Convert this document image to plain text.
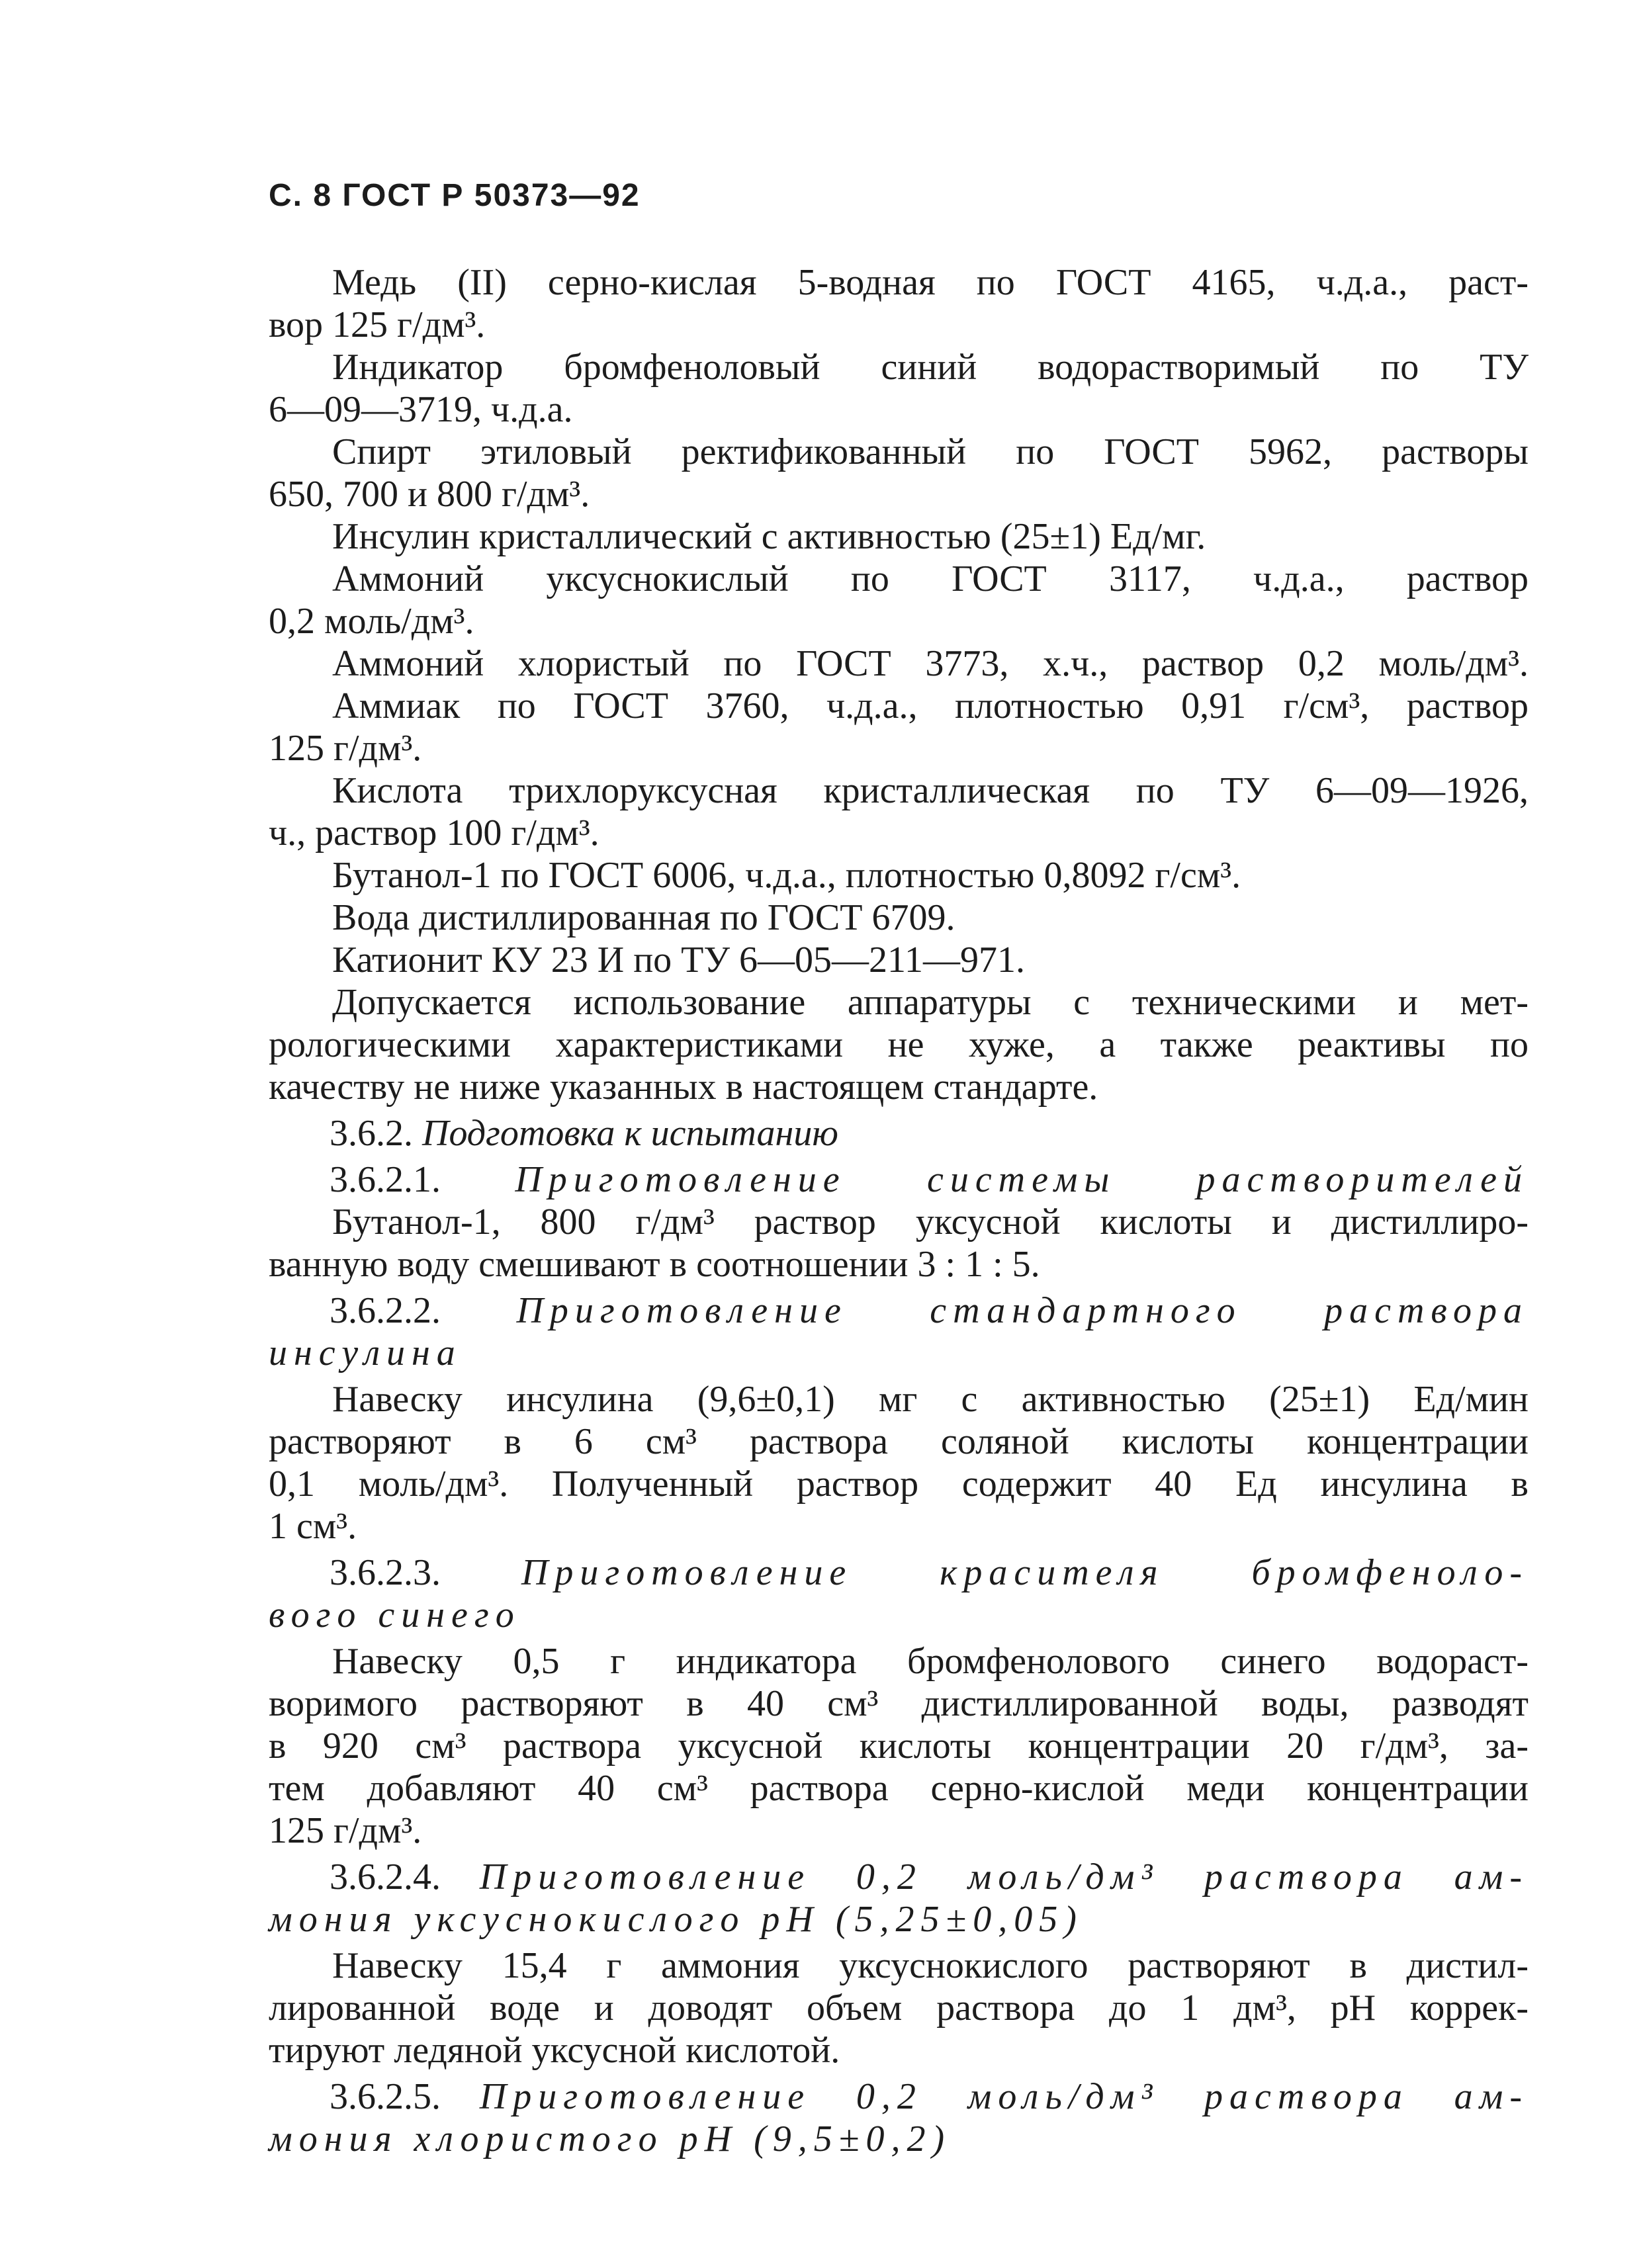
С. 8 ГОСТ Р 50373—92
Медь (II) серно-кислая 5-водная по ГОСТ 4165, ч.д.а., раст-
вор 125 г/дм³.
Индикатор бромфеноловый синий водорастворимый по ТУ
6—09—3719, ч.д.а.
Спирт этиловый ректификованный по ГОСТ 5962, растворы
650, 700 и 800 г/дм³.
Инсулин кристаллический с активностью (25±1) Ед/мг.
Аммоний уксуснокислый по ГОСТ 3117, ч.д.а., раствор
0,2 моль/дм³.
Аммоний хлористый по ГОСТ 3773, х.ч., раствор 0,2 моль/дм³.
Аммиак по ГОСТ 3760, ч.д.а., плотностью 0,91 г/см³, раствор
125 г/дм³.
Кислота трихлоруксусная кристаллическая по ТУ 6—09—1926,
ч., раствор 100 г/дм³.
Бутанол-1 по ГОСТ 6006, ч.д.а., плотностью 0,8092 г/см³.
Вода дистиллированная по ГОСТ 6709.
Катионит КУ 23 И по ТУ 6—05—211—971.
Допускается использование аппаратуры с техническими и мет-
рологическими характеристиками не хуже, а также реактивы по
качеству не ниже указанных в настоящем стандарте.
3.6.2. Подготовка к испытанию
3.6.2.1. Приготовление системы растворителей
Бутанол-1, 800 г/дм³ раствор уксусной кислоты и дистиллиро-
ванную воду смешивают в соотношении 3 : 1 : 5.
3.6.2.2. Приготовление стандартного раствора
инсулина
Навеску инсулина (9,6±0,1) мг с активностью (25±1) Ед/мин
растворяют в 6 см³ раствора соляной кислоты концентрации
0,1 моль/дм³. Полученный раствор содержит 40 Ед инсулина в
1 см³.
3.6.2.3. Приготовление красителя бромфеноло-
вого синего
Навеску 0,5 г индикатора бромфенолового синего водораст-
воримого растворяют в 40 см³ дистиллированной воды, разводят
в 920 см³ раствора уксусной кислоты концентрации 20 г/дм³, за-
тем добавляют 40 см³ раствора серно-кислой меди концентрации
125 г/дм³.
3.6.2.4. Приготовление 0,2 моль/дм³ раствора ам-
мония уксуснокислого pH (5,25±0,05)
Навеску 15,4 г аммония уксуснокислого растворяют в дистил-
лированной воде и доводят объем раствора до 1 дм³, pH коррек-
тируют ледяной уксусной кислотой.
3.6.2.5. Приготовление 0,2 моль/дм³ раствора ам-
мония хлористого pH (9,5±0,2)
